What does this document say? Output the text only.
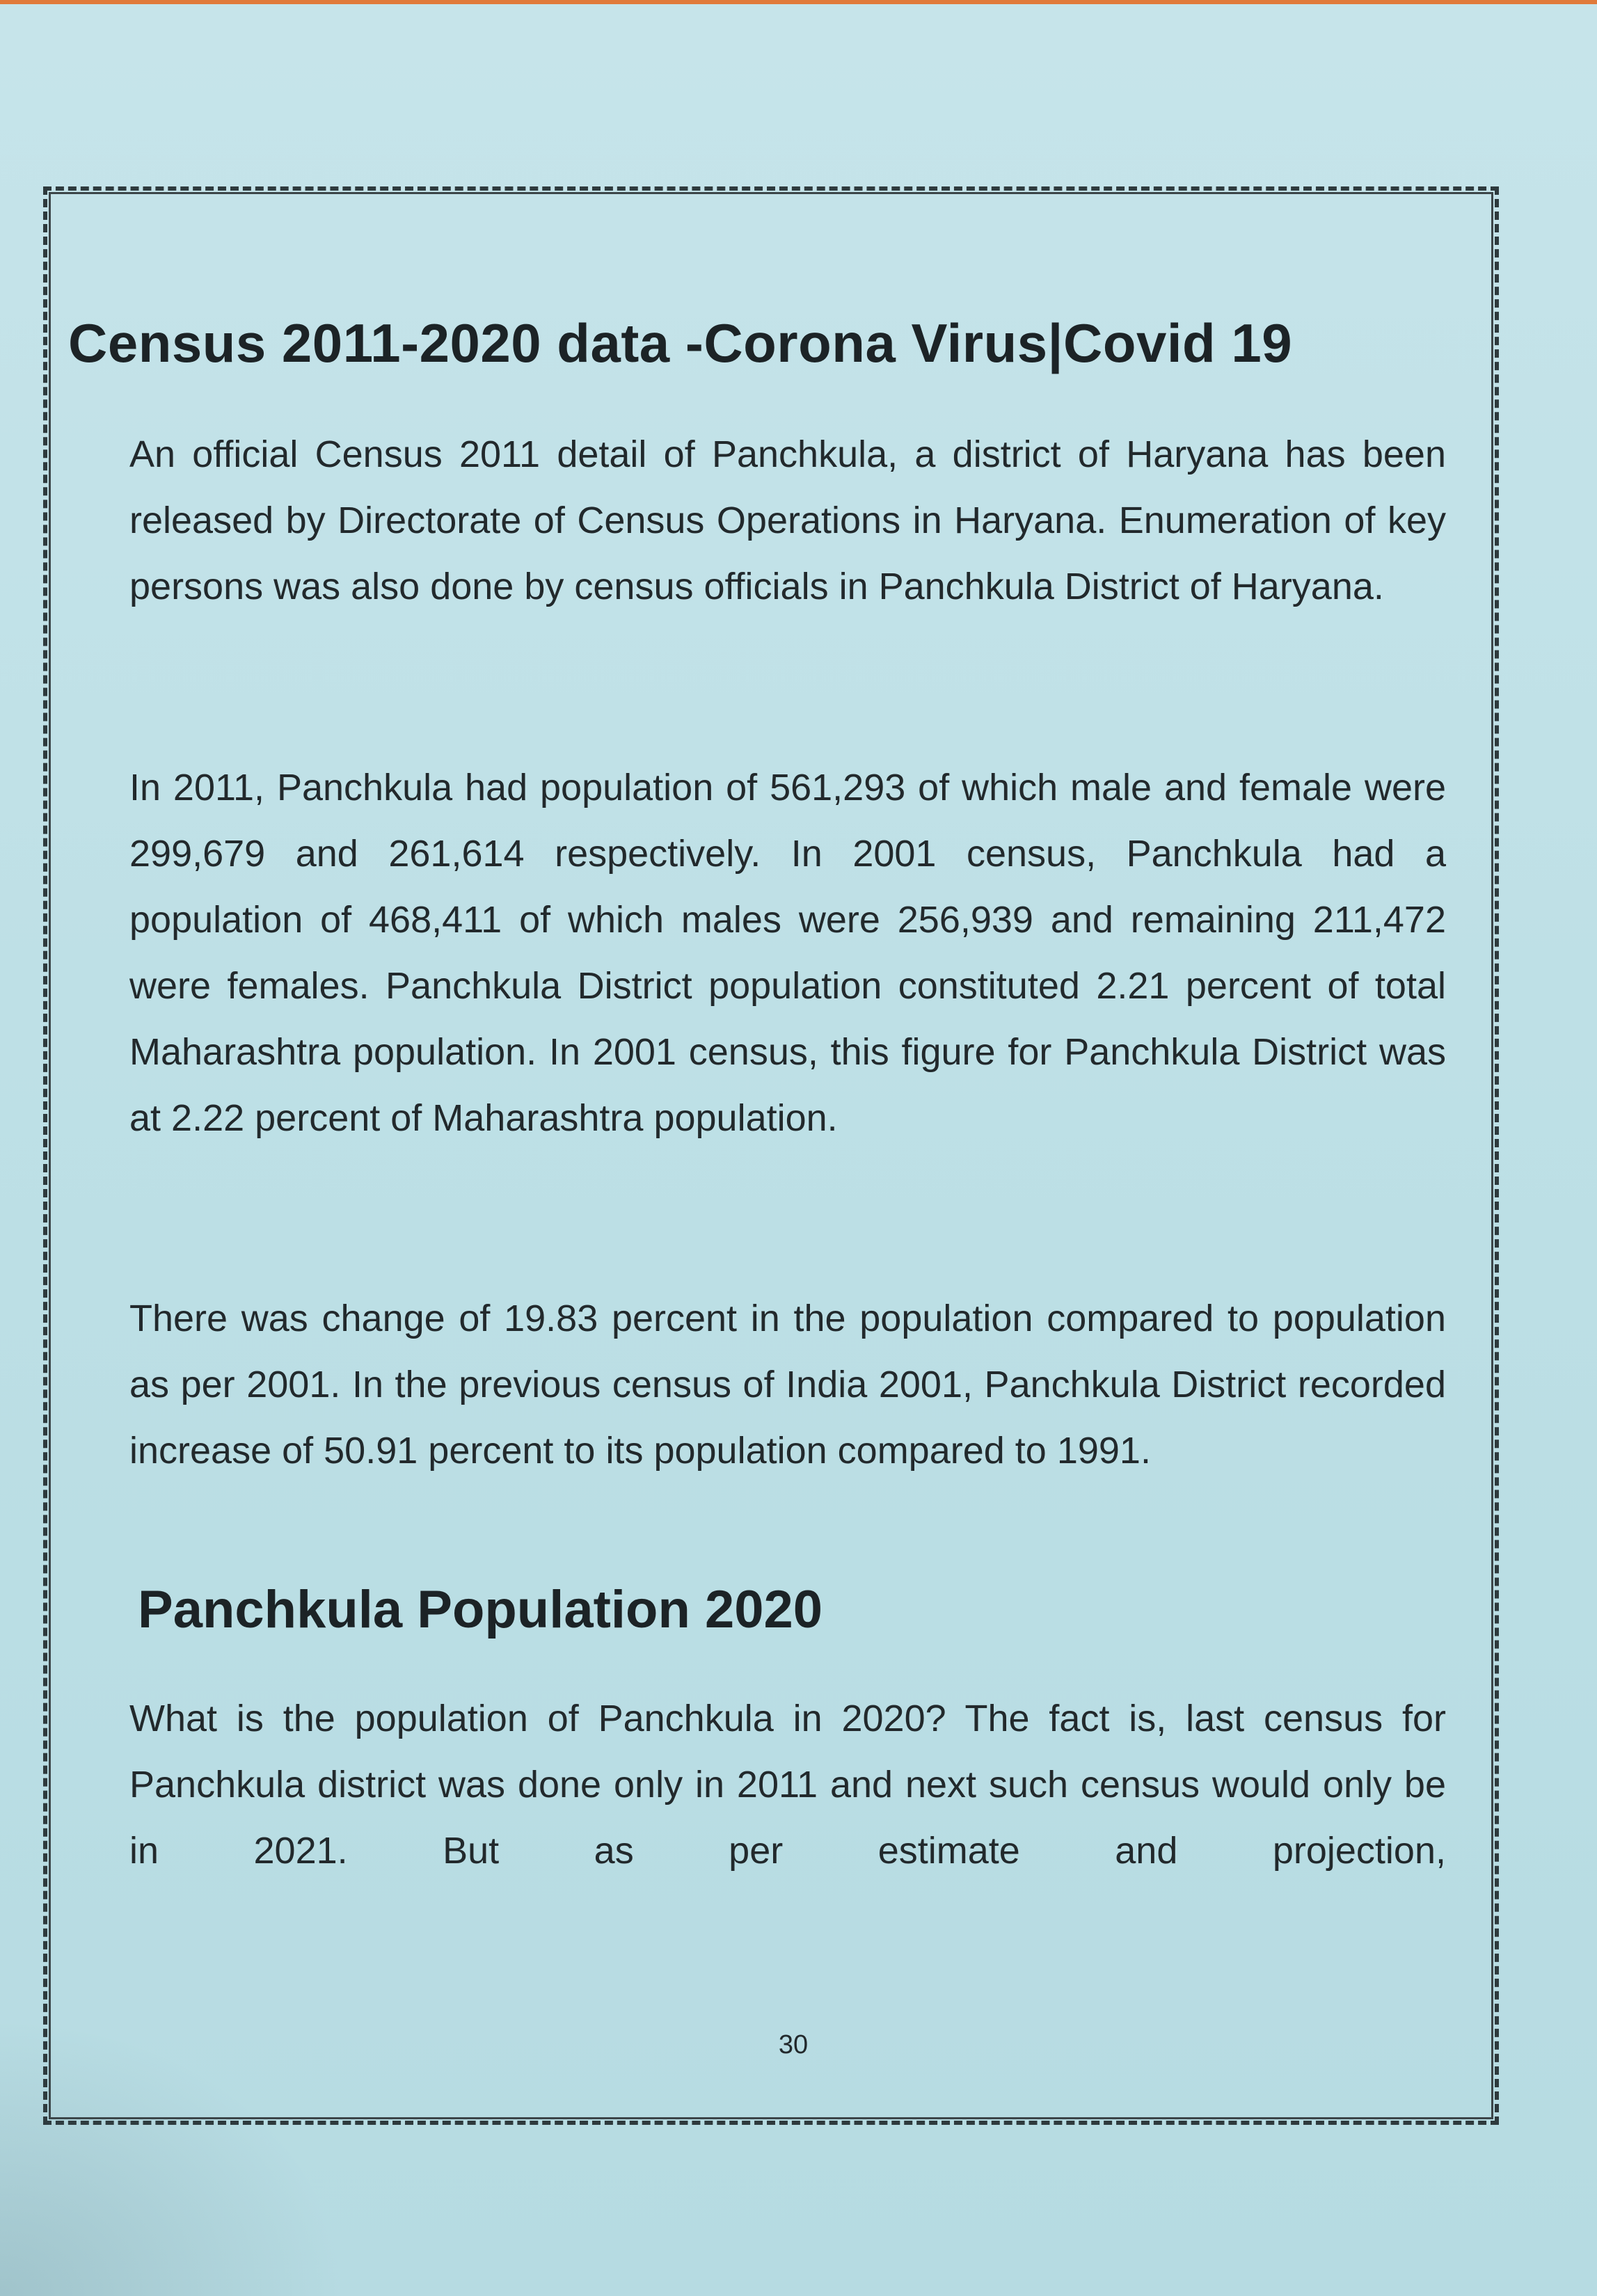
Census 2011-2020 data -Corona Virus|Covid 19

An official Census 2011 detail of Panchkula, a district of Haryana has been released by Directorate of Census Operations in Haryana. Enumeration of key persons was also done by census officials in Panchkula District of Haryana.

In 2011, Panchkula had population of 561,293 of which male and female were 299,679 and 261,614 respectively. In 2001 census, Panchkula had a population of 468,411 of which males were 256,939 and remaining 211,472 were females. Panchkula District population constituted 2.21 percent of total Maharashtra population. In 2001 census, this figure for Panchkula District was at 2.22 percent of Maharashtra population.

There was change of 19.83 percent in the population compared to population as per 2001. In the previous census of India 2001, Panchkula District recorded increase of 50.91 percent to its population compared to 1991.

Panchkula Population 2020

What is the population of Panchkula in 2020? The fact is, last census for Panchkula district was done only in 2011 and next such census would only be in 2021. But as per estimate and projection,

30
